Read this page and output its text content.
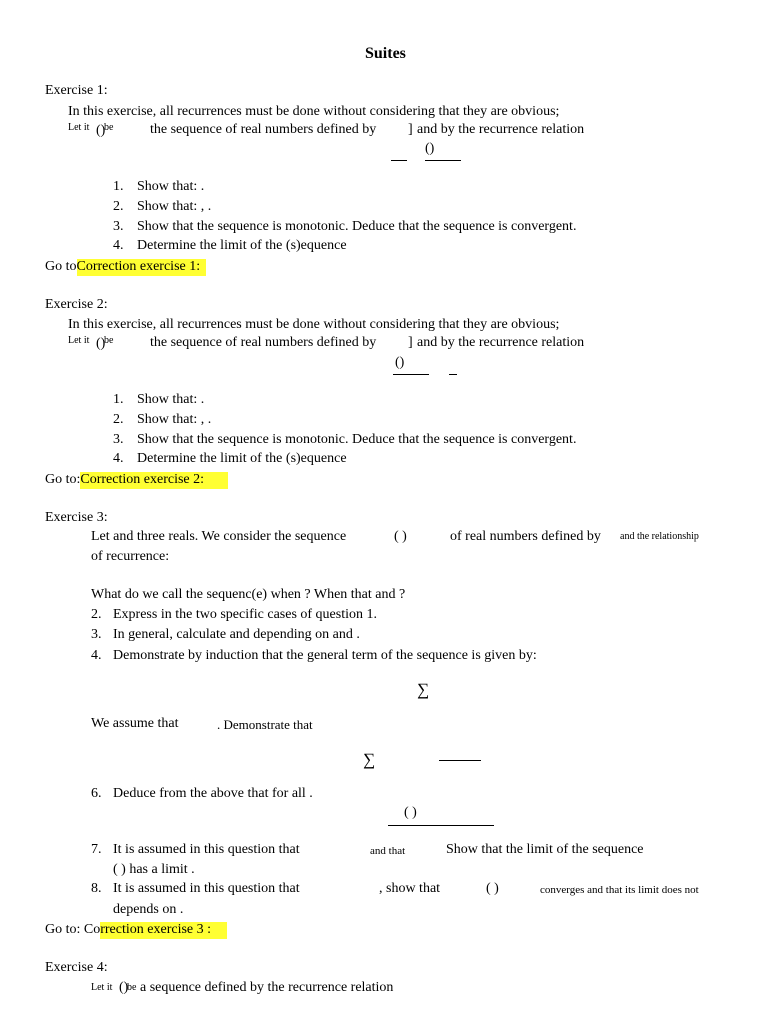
Suites
Exercise 1:
In this exercise, all recurrences must be done without considering that they are obvious;
Let it ()
be	the sequence of real numbers defined by ] and by the recurrence relation
()
1. Show that: .
2. Show that: , .
3. Show that the sequence is monotonic. Deduce that the sequence is convergent.
4. Determine the limit of the (s)equence
Go toCorrection exercise 1:
Exercise 2:
In this exercise, all recurrences must be done without considering that they are obvious;
Let it ()
be	the sequence of real numbers defined by ] and by the recurrence relation
()
1. Show that: .
2. Show that: , .
3. Show that the sequence is monotonic. Deduce that the sequence is convergent.
4. Determine the limit of the (s)equence
Go to:Correction exercise 2:
Exercise 3:
Let and three reals. We consider the sequence	( )	of real numbers defined by and the relationship
of recurrence:
What do we call the sequenc(e) when ? When that and ?
2. Express in the two specific cases of question 1.
3. In general, calculate and depending on and .
4. Demonstrate by induction that the general term of the sequence is given by:
∑
We assume that	. Demonstrate that
∑
6. Deduce from the above that for all .
( )
7. It is assumed in this question that	and that	Show that the limit of the sequence
( ) has a limit .
8. It is assumed in this question that	, show that	( )	converges and that its limit does not
depends on .
Go to: Correction exercise 3 :
Exercise 4:
Let it ()
be a sequence defined by the recurrence relation
